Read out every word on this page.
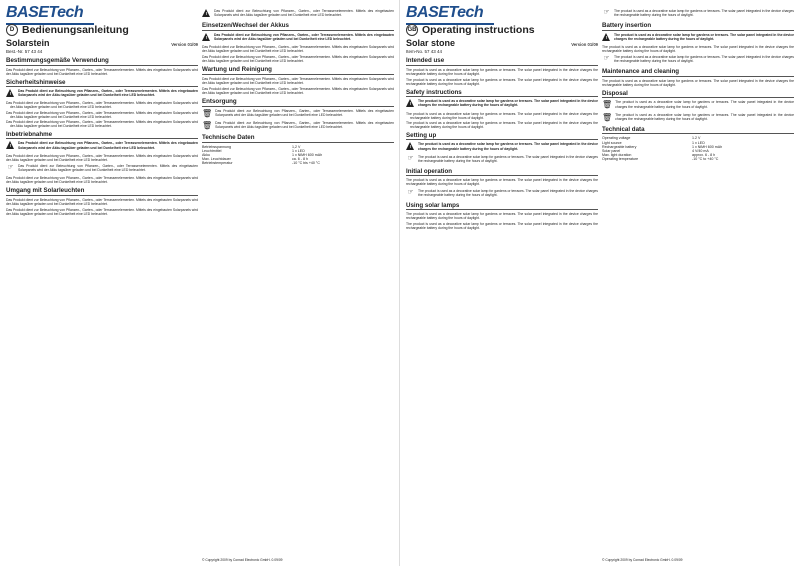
BASETech
D Bedienungsanleitung
Solarstein	Version 01/09
Best.-Nr. 57 43 44
Bestimmungsgemäße Verwendung
Das Produkt dient zur Beleuchtung von Pflanzen-, Garten-, oder Terrassenelementen. Mittels des eingebauten Solarpanels wird der Akku tagsüber geladen und bei Dunkelheit eine LED beleuchtet.
Sicherheitshinweise
! Das Produkt dient zur Beleuchtung von Pflanzen-, Garten-, oder Terrassenelementen. Mittels des eingebauten Solarpanels wird der Akku tagsüber geladen und bei Dunkelheit eine LED beleuchtet.
Das Produkt dient zur Beleuchtung von Pflanzen-, Garten-, oder Terrassenelementen. Mittels des eingebauten Solarpanels wird der Akku tagsüber geladen und bei Dunkelheit eine LED beleuchtet.
Das Produkt dient zur Beleuchtung von Pflanzen-, Garten-, oder Terrassenelementen. Mittels des eingebauten Solarpanels wird der Akku tagsüber geladen und bei Dunkelheit eine LED beleuchtet.
Das Produkt dient zur Beleuchtung von Pflanzen-, Garten-, oder Terrassenelementen. Mittels des eingebauten Solarpanels wird der Akku tagsüber geladen und bei Dunkelheit eine LED beleuchtet.
Inbetriebnahme
! Das Produkt dient zur Beleuchtung von Pflanzen-, Garten-, oder Terrassenelementen. Mittels des eingebauten Solarpanels wird der Akku tagsüber geladen und bei Dunkelheit eine LED beleuchtet.
Das Produkt dient zur Beleuchtung von Pflanzen-, Garten-, oder Terrassenelementen. Mittels des eingebauten Solarpanels wird der Akku tagsüber geladen und bei Dunkelheit eine LED beleuchtet.
☞	Das Produkt dient zur Beleuchtung von Pflanzen-, Garten-, oder Terrassenelementen. Mittels des eingebauten Solarpanels wird der Akku tagsüber geladen und bei Dunkelheit eine LED beleuchtet.
Das Produkt dient zur Beleuchtung von Pflanzen-, Garten-, oder Terrassenelementen. Mittels des eingebauten Solarpanels wird der Akku tagsüber geladen und bei Dunkelheit eine LED beleuchtet.
Umgang mit Solarleuchten
Das Produkt dient zur Beleuchtung von Pflanzen-, Garten-, oder Terrassenelementen. Mittels des eingebauten Solarpanels wird der Akku tagsüber geladen und bei Dunkelheit eine LED beleuchtet.
Das Produkt dient zur Beleuchtung von Pflanzen-, Garten-, oder Terrassenelementen. Mittels des eingebauten Solarpanels wird der Akku tagsüber geladen und bei Dunkelheit eine LED beleuchtet.
! Das Produkt dient zur Beleuchtung von Pflanzen-, Garten-, oder Terrassenelementen. Mittels des eingebauten Solarpanels wird der Akku tagsüber geladen und bei Dunkelheit eine LED beleuchtet.
Einsetzen/Wechsel der Akkus
! Das Produkt dient zur Beleuchtung von Pflanzen-, Garten-, oder Terrassenelementen. Mittels des eingebauten Solarpanels wird der Akku tagsüber geladen und bei Dunkelheit eine LED beleuchtet.
Das Produkt dient zur Beleuchtung von Pflanzen-, Garten-, oder Terrassenelementen. Mittels des eingebauten Solarpanels wird der Akku tagsüber geladen und bei Dunkelheit eine LED beleuchtet.
Das Produkt dient zur Beleuchtung von Pflanzen-, Garten-, oder Terrassenelementen. Mittels des eingebauten Solarpanels wird der Akku tagsüber geladen und bei Dunkelheit eine LED beleuchtet.
Wartung und Reinigung
Das Produkt dient zur Beleuchtung von Pflanzen-, Garten-, oder Terrassenelementen. Mittels des eingebauten Solarpanels wird der Akku tagsüber geladen und bei Dunkelheit eine LED beleuchtet.
Das Produkt dient zur Beleuchtung von Pflanzen-, Garten-, oder Terrassenelementen. Mittels des eingebauten Solarpanels wird der Akku tagsüber geladen und bei Dunkelheit eine LED beleuchtet.
Entsorgung
🗑 Das Produkt dient zur Beleuchtung von Pflanzen-, Garten-, oder Terrassenelementen. Mittels des eingebauten Solarpanels wird der Akku tagsüber geladen und bei Dunkelheit eine LED beleuchtet.
🗑 Das Produkt dient zur Beleuchtung von Pflanzen-, Garten-, oder Terrassenelementen. Mittels des eingebauten Solarpanels wird der Akku tagsüber geladen und bei Dunkelheit eine LED beleuchtet.
Technische Daten
Betriebsspannung	1,2 V
Leuchtmittel	1 x LED
Akku	1 x NiMH 600 mAh
Max. Leuchtdauer	ca. 6 - 8 h
Betriebstemperatur	-10 °C bis +40 °C
© Copyright 2009 by Conrad Electronic GmbH. 0.09/09
BASETech
GB Operating instructions
Solar stone	Version 01/09
Item-No. 57 43 44
Intended use
The product is used as a decorative solar lamp for gardens or terraces. The solar panel integrated in the device charges the rechargeable battery during the hours of daylight.
The product is used as a decorative solar lamp for gardens or terraces. The solar panel integrated in the device charges the rechargeable battery during the hours of daylight.
Safety instructions
! The product is used as a decorative solar lamp for gardens or terraces. The solar panel integrated in the device charges the rechargeable battery during the hours of daylight.
The product is used as a decorative solar lamp for gardens or terraces. The solar panel integrated in the device charges the rechargeable battery during the hours of daylight.
The product is used as a decorative solar lamp for gardens or terraces. The solar panel integrated in the device charges the rechargeable battery during the hours of daylight.
Setting up
! The product is used as a decorative solar lamp for gardens or terraces. The solar panel integrated in the device charges the rechargeable battery during the hours of daylight.
☞	The product is used as a decorative solar lamp for gardens or terraces. The solar panel integrated in the device charges the rechargeable battery during the hours of daylight.
Initial operation
The product is used as a decorative solar lamp for gardens or terraces. The solar panel integrated in the device charges the rechargeable battery during the hours of daylight.
☞	The product is used as a decorative solar lamp for gardens or terraces. The solar panel integrated in the device charges the rechargeable battery during the hours of daylight.
Using solar lamps
The product is used as a decorative solar lamp for gardens or terraces. The solar panel integrated in the device charges the rechargeable battery during the hours of daylight.
The product is used as a decorative solar lamp for gardens or terraces. The solar panel integrated in the device charges the rechargeable battery during the hours of daylight.
☞	The product is used as a decorative solar lamp for gardens or terraces. The solar panel integrated in the device charges the rechargeable battery during the hours of daylight.
Battery insertion
! The product is used as a decorative solar lamp for gardens or terraces. The solar panel integrated in the device charges the rechargeable battery during the hours of daylight.
The product is used as a decorative solar lamp for gardens or terraces. The solar panel integrated in the device charges the rechargeable battery during the hours of daylight.
☞	The product is used as a decorative solar lamp for gardens or terraces. The solar panel integrated in the device charges the rechargeable battery during the hours of daylight.
Maintenance and cleaning
The product is used as a decorative solar lamp for gardens or terraces. The solar panel integrated in the device charges the rechargeable battery during the hours of daylight.
Disposal
🗑 The product is used as a decorative solar lamp for gardens or terraces. The solar panel integrated in the device charges the rechargeable battery during the hours of daylight.
🗑 The product is used as a decorative solar lamp for gardens or terraces. The solar panel integrated in the device charges the rechargeable battery during the hours of daylight.
Technical data
Operating voltage	1.2 V
Light source	1 x LED
Rechargeable battery	1 x NiMH 600 mAh
Solar panel	4 V/40 mA
Max. light duration	approx. 6 - 8 h
Operating temperature	-10 °C to +40 °C
© Copyright 2009 by Conrad Electronic GmbH. 0.09/09
